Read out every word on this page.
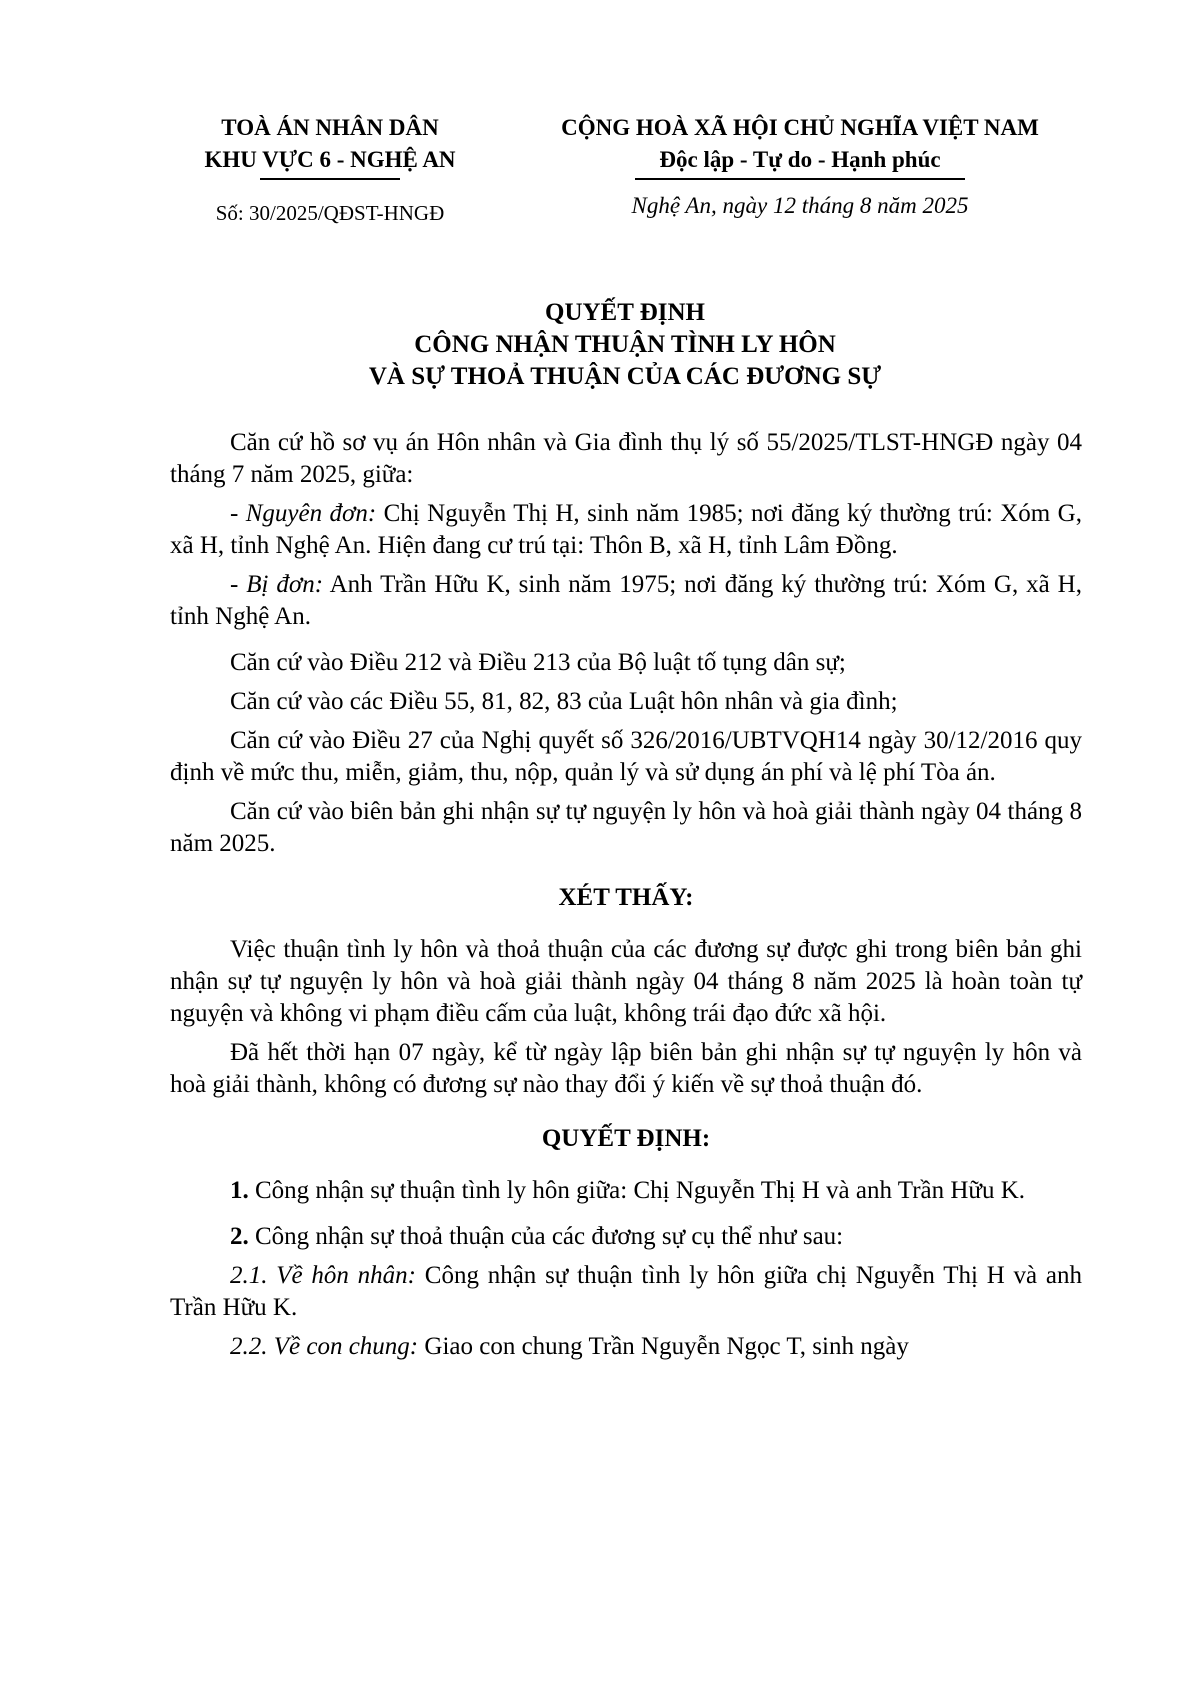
TOÀ ÁN NHÂN DÂN
KHU VỰC 6 - NGHỆ AN
CỘNG HOÀ XÃ HỘI CHỦ NGHĨA VIỆT NAM
Độc lập - Tự do - Hạnh phúc
Số: 30/2025/QĐST-HNGĐ	Nghệ An, ngày 12 tháng 8 năm 2025
QUYẾT ĐỊNH
CÔNG NHẬN THUẬN TÌNH LY HÔN
VÀ SỰ THOẢ THUẬN CỦA CÁC ĐƯƠNG SỰ

Căn cứ hồ sơ vụ án Hôn nhân và Gia đình thụ lý số 55/2025/TLST-HNGĐ ngày 04 tháng 7 năm 2025, giữa:

- Nguyên đơn: Chị Nguyễn Thị H, sinh năm 1985; nơi đăng ký thường trú: Xóm G, xã H, tỉnh Nghệ An. Hiện đang cư trú tại: Thôn B, xã H, tỉnh Lâm Đồng.

- Bị đơn: Anh Trần Hữu K, sinh năm 1975; nơi đăng ký thường trú: Xóm G, xã H, tỉnh Nghệ An.

Căn cứ vào Điều 212 và Điều 213 của Bộ luật tố tụng dân sự;

Căn cứ vào các Điều 55, 81, 82, 83 của Luật hôn nhân và gia đình;

Căn cứ vào Điều 27 của Nghị quyết số 326/2016/UBTVQH14 ngày 30/12/2016 quy định về mức thu, miễn, giảm, thu, nộp, quản lý và sử dụng án phí và lệ phí Tòa án.

Căn cứ vào biên bản ghi nhận sự tự nguyện ly hôn và hoà giải thành ngày 04 tháng 8 năm 2025.

XÉT THẤY:

Việc thuận tình ly hôn và thoả thuận của các đương sự được ghi trong biên bản ghi nhận sự tự nguyện ly hôn và hoà giải thành ngày 04 tháng 8 năm 2025 là hoàn toàn tự nguyện và không vi phạm điều cấm của luật, không trái đạo đức xã hội.

Đã hết thời hạn 07 ngày, kể từ ngày lập biên bản ghi nhận sự tự nguyện ly hôn và hoà giải thành, không có đương sự nào thay đổi ý kiến về sự thoả thuận đó.

QUYẾT ĐỊNH:

1. Công nhận sự thuận tình ly hôn giữa: Chị Nguyễn Thị H và anh Trần Hữu K.

2. Công nhận sự thoả thuận của các đương sự cụ thể như sau:

2.1. Về hôn nhân: Công nhận sự thuận tình ly hôn giữa chị Nguyễn Thị H và anh Trần Hữu K.

2.2. Về con chung: Giao con chung Trần Nguyễn Ngọc T, sinh ngày
